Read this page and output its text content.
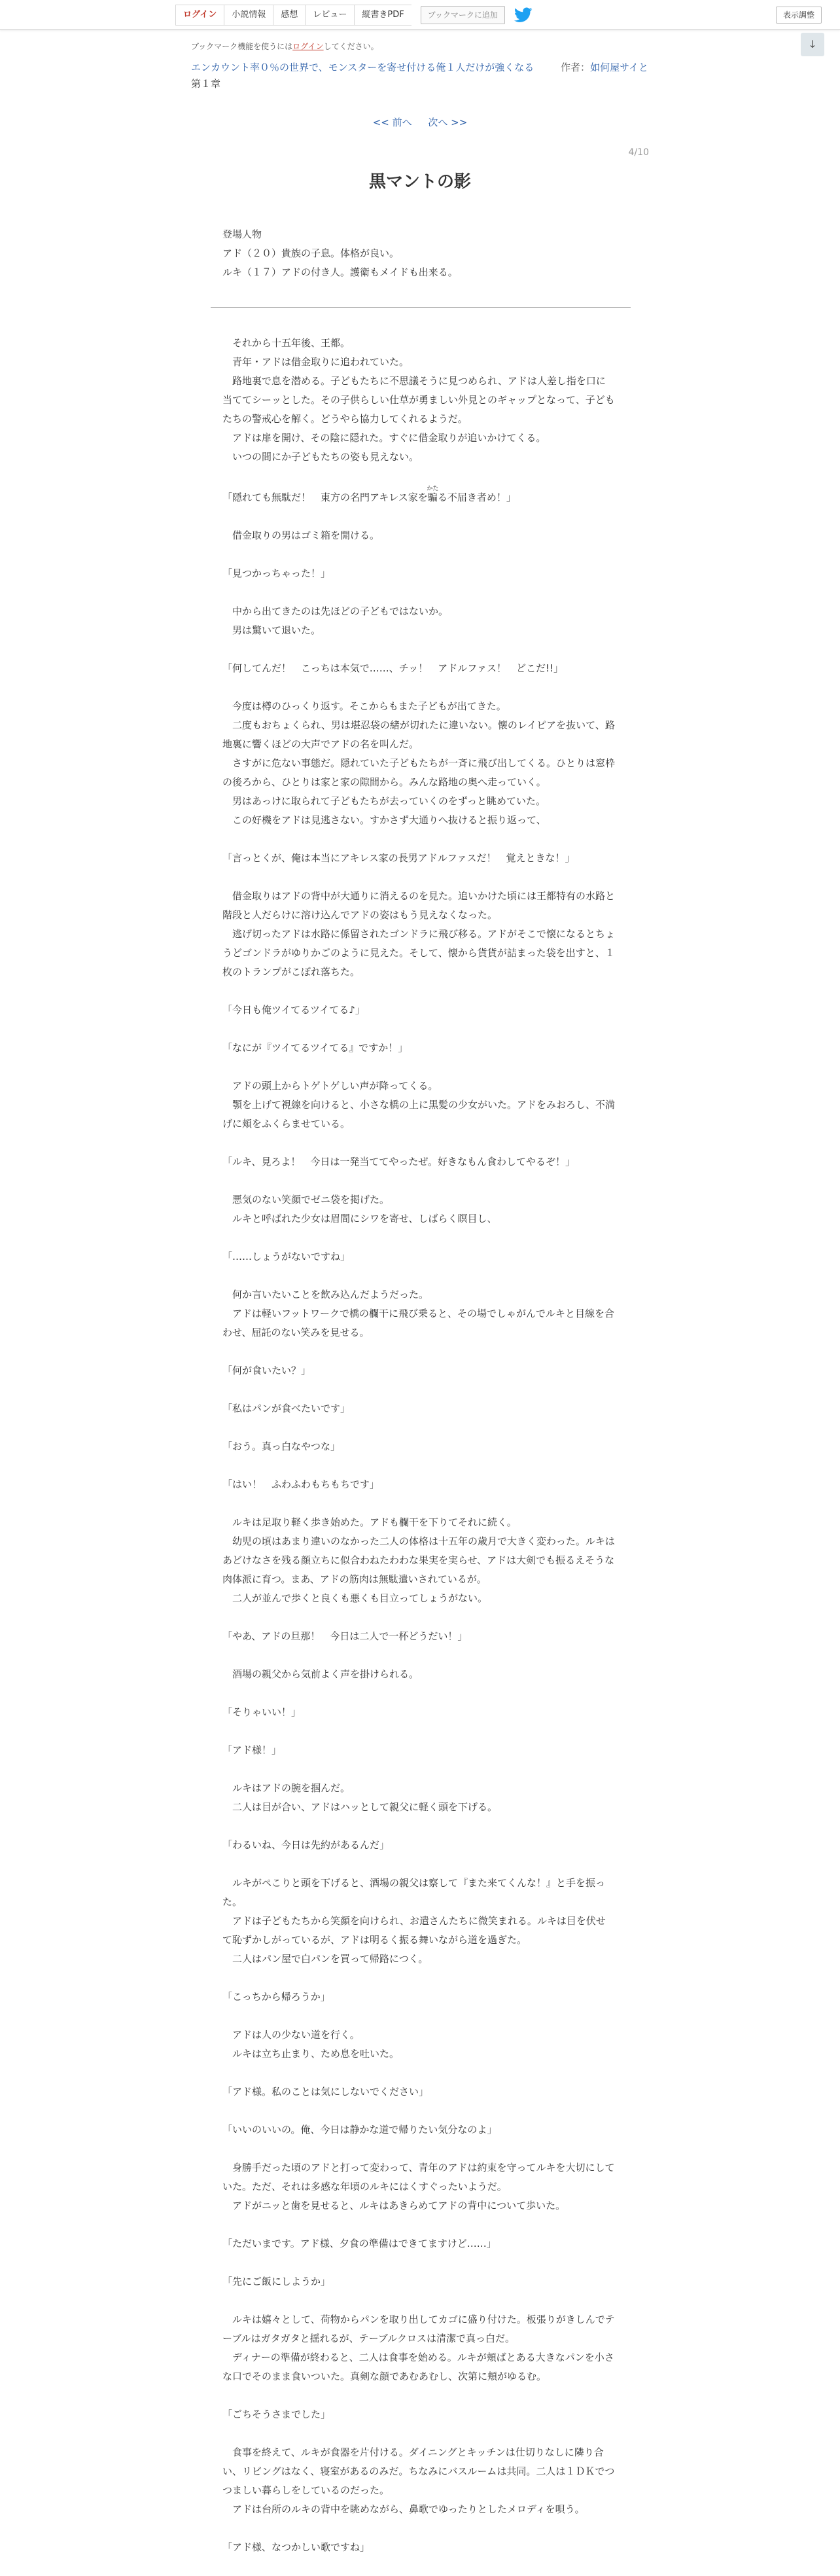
ログイン	小説情報	感想	レビュー	縦書きPDF	ブックマークに追加	表示調整
↓
ブックマーク機能を使うにはログインしてください。
エンカウント率０％の世界で、モンスターを寄せ付ける俺１人だけが強くなる	作者：如何屋サイと
第１章
<< 前へ 次へ >>
4/10
黒マントの影
登場人物
アド（２０）貴族の子息。体格が良い。
ルキ（１７）アドの付き人。護衛もメイドも出来る。
　それから十五年後、王都。
　青年・アドは借金取りに追われていた。
　路地裏で息を潜める。子どもたちに不思議そうに見つめられ、アドは人差し指を口に当ててシーッとした。その子供らしい仕草が勇ましい外見とのギャップとなって、子どもたちの警戒心を解く。どうやら協力してくれるようだ。
　アドは扉を開け、その陰に隠れた。すぐに借金取りが追いかけてくる。
　いつの間にか子どもたちの姿も見えない。
「隠れても無駄だ！　東方の名門アキレス家を騙かたる不届き者め！」
　借金取りの男はゴミ箱を開ける。
「見つかっちゃった！」
　中から出てきたのは先ほどの子どもではないか。
　男は驚いて退いた。
「何してんだ！　こっちは本気で……、チッ！　アドルファス！　どこだ!!」
　今度は樽のひっくり返す。そこからもまた子どもが出てきた。
　二度もおちょくられ、男は堪忍袋の緒が切れたに違いない。懐のレイピアを抜いて、路地裏に響くほどの大声でアドの名を叫んだ。
　さすがに危ない事態だ。隠れていた子どもたちが一斉に飛び出してくる。ひとりは窓枠の後ろから、ひとりは家と家の隙間から。みんな路地の奥へ走っていく。
　男はあっけに取られて子どもたちが去っていくのをずっと眺めていた。
　この好機をアドは見逃さない。すかさず大通りへ抜けると振り返って、
「言っとくが、俺は本当にアキレス家の長男アドルファスだ！　覚えときな！」
　借金取りはアドの背中が大通りに消えるのを見た。追いかけた頃には王都特有の水路と階段と人だらけに溶け込んでアドの姿はもう見えなくなった。
　逃げ切ったアドは水路に係留されたゴンドラに飛び移る。アドがそこで懐になるとちょうどゴンドラがゆりかごのように見えた。そして、懐から貨貨が詰まった袋を出すと、１枚のトランプがこぼれ落ちた。
「今日も俺ツイてるツイてる♪」
「なにが『ツイてるツイてる』ですか！」
　アドの頭上からトゲトゲしい声が降ってくる。
　顎を上げて視線を向けると、小さな橋の上に黒髪の少女がいた。アドをみおろし、不満げに頬をふくらませている。
「ルキ、見ろよ！　今日は一発当ててやったぜ。好きなもん食わしてやるぞ！」
　悪気のない笑顔でゼニ袋を掲げた。
　ルキと呼ばれた少女は眉間にシワを寄せ、しばらく瞑目し、
「……しょうがないですね」
　何か言いたいことを飲み込んだようだった。
　アドは軽いフットワークで橋の欄干に飛び乗ると、その場でしゃがんでルキと目線を合わせ、屈託のない笑みを見せる。
「何が食いたい？」
「私はパンが食べたいです」
「おう。真っ白なやつな」
「はい！　ふわふわもちもちです」
　ルキは足取り軽く歩き始めた。アドも欄干を下りてそれに続く。
　幼児の頃はあまり違いのなかった二人の体格は十五年の歳月で大きく変わった。ルキはあどけなさを残る顔立ちに似合わねたわわな果実を実らせ、アドは大剣でも振るえそうな肉体派に育つ。まあ、アドの筋肉は無駄遣いされているが。
　二人が並んで歩くと良くも悪くも目立ってしょうがない。
「やあ、アドの旦那！　今日は二人で一杯どうだい！」
　酒場の親父から気前よく声を掛けられる。
「そりゃいい！」
「アド様！」
　ルキはアドの腕を掴んだ。
　二人は目が合い、アドはハッとして親父に軽く頭を下げる。
「わるいね、今日は先約があるんだ」
　ルキがぺこりと頭を下げると、酒場の親父は察して『また来てくんな！』と手を振った。
　アドは子どもたちから笑顔を向けられ、お遣さんたちに微笑まれる。ルキは目を伏せて恥ずかしがっているが、アドは明るく振る舞いながら道を過ぎた。
　二人はパン屋で白パンを買って帰路につく。
「こっちから帰ろうか」
　アドは人の少ない道を行く。
　ルキは立ち止まり、ため息を吐いた。
「アド様。私のことは気にしないでください」
「いいのいいの。俺、今日は静かな道で帰りたい気分なのよ」
　身勝手だった頃のアドと打って変わって、青年のアドは約束を守ってルキを大切にしていた。ただ、それは多感な年頃のルキにはくすぐったいようだ。
　アドがニッと歯を見せると、ルキはあきらめてアドの背中について歩いた。
「ただいまです。アド様、夕食の準備はできてますけど……」
「先にご飯にしようか」
　ルキは嬉々として、荷物からパンを取り出してカゴに盛り付けた。板張りがきしんでテーブルはガタガタと揺れるが、テーブルクロスは清潔で真っ白だ。
　ディナーの準備が終わると、二人は食事を始める。ルキが頬ばとある大きなパンを小さな口でそのまま食いついた。真剣な顔であむあむし、次第に頬がゆるむ。
「ごちそうさまでした」
　食事を終えて、ルキが食器を片付ける。ダイニングとキッチンは仕切りなしに隣り合い、リビングはなく、寝室があるのみだ。ちなみにバスルームは共同。二人は１ＤＫでつつましい暮らしをしているのだった。
　アドは台所のルキの背中を眺めながら、鼻歌でゆったりとしたメロディを唄う。
「アド様、なつかしい歌ですね」
